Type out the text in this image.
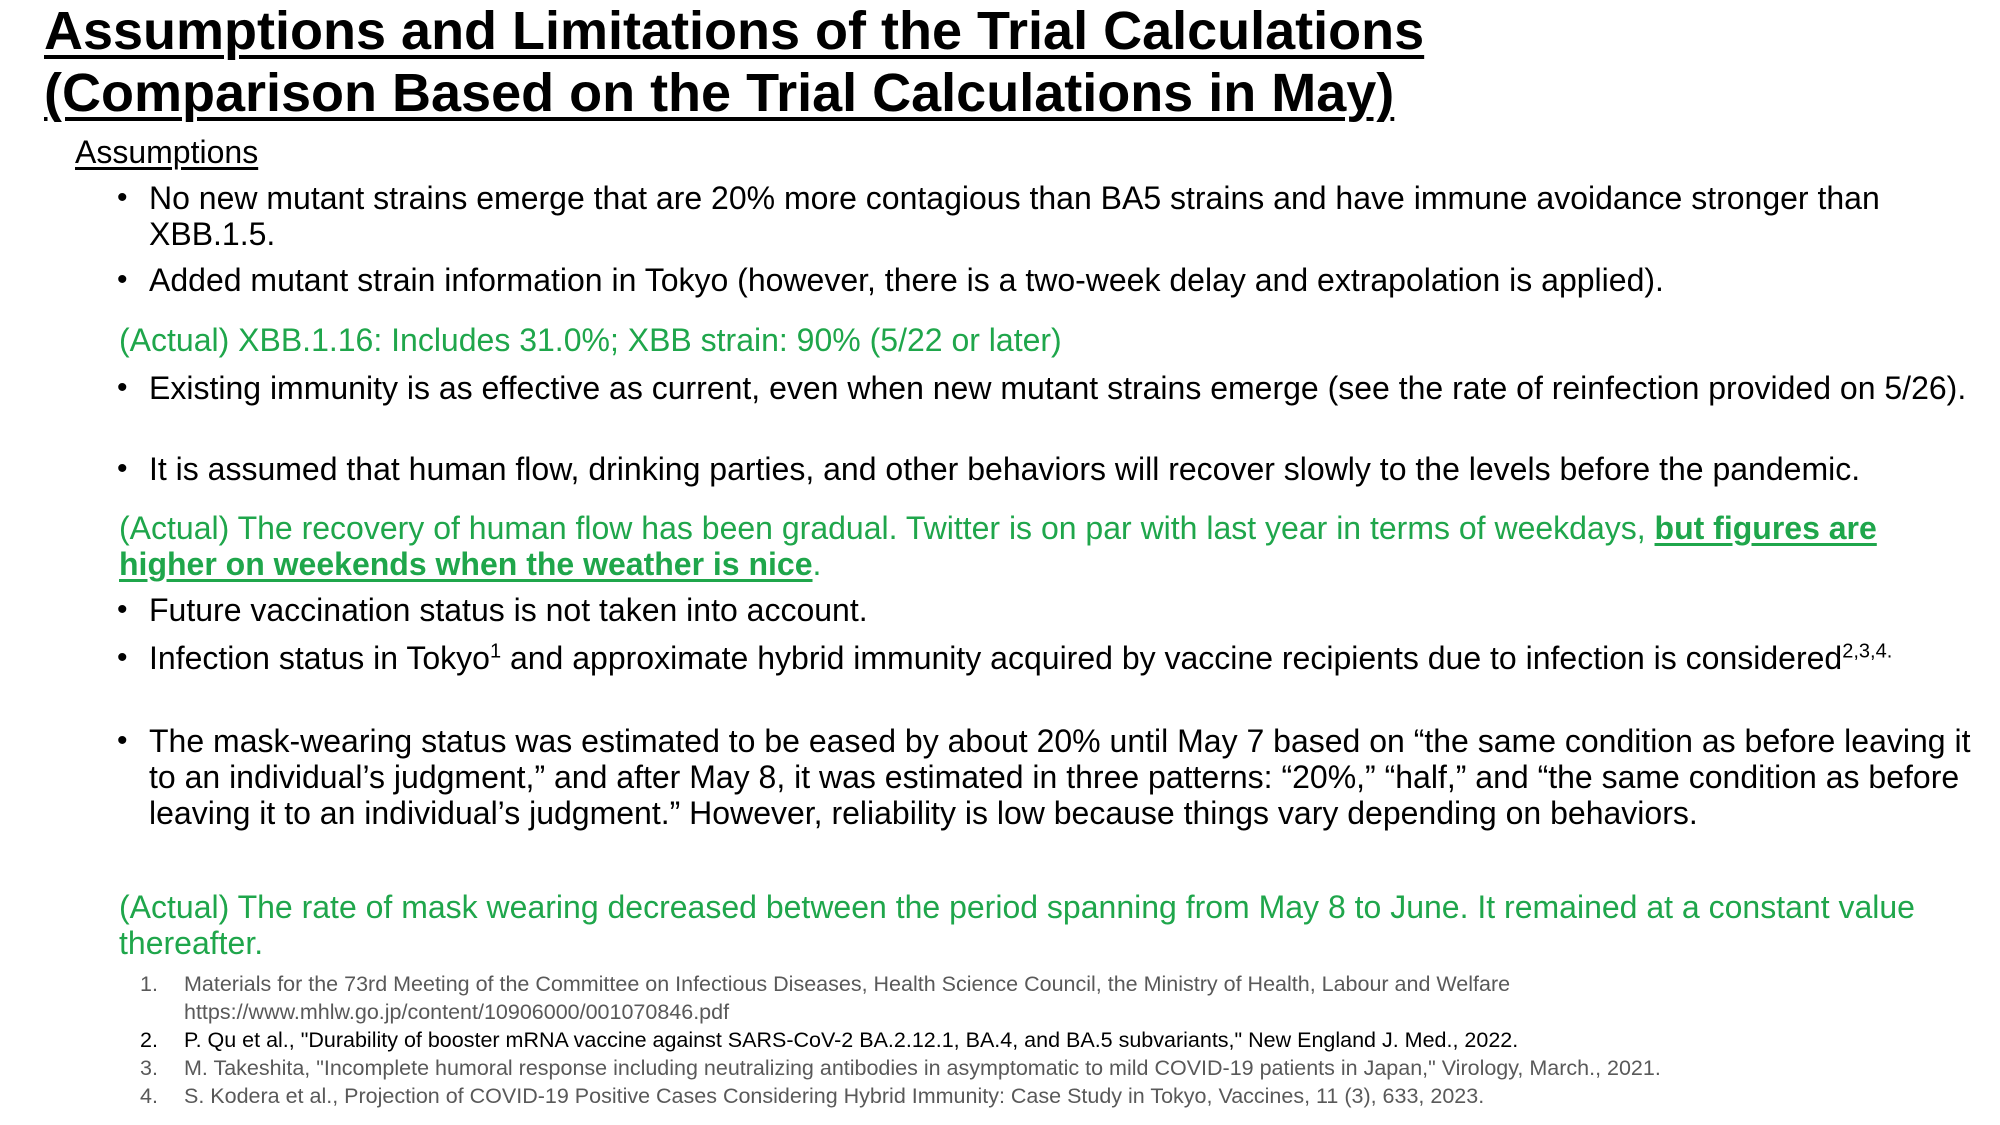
Assumptions and Limitations of the Trial Calculations
(Comparison Based on the Trial Calculations in May)
Assumptions
• No new mutant strains emerge that are 20% more contagious than BA5 strains and have immune avoidance stronger than XBB.1.5.
• Added mutant strain information in Tokyo (however, there is a two-week delay and extrapolation is applied).
(Actual) XBB.1.16: Includes 31.0%; XBB strain: 90% (5/22 or later)
• Existing immunity is as effective as current, even when new mutant strains emerge (see the rate of reinfection provided on 5/26).
• It is assumed that human flow, drinking parties, and other behaviors will recover slowly to the levels before the pandemic.
(Actual) The recovery of human flow has been gradual. Twitter is on par with last year in terms of weekdays, but figures are higher on weekends when the weather is nice.
• Future vaccination status is not taken into account.
• Infection status in Tokyo$^1$ and approximate hybrid immunity acquired by vaccine recipients due to infection is considered$^{2,3,4.}$
• The mask-wearing status was estimated to be eased by about 20% until May 7 based on “the same condition as before leaving it to an individual’s judgment,” and after May 8, it was estimated in three patterns: “20%,” “half,” and “the same condition as before leaving it to an individual’s judgment.” However, reliability is low because things vary depending on behaviors.
(Actual) The rate of mask wearing decreased between the period spanning from May 8 to June. It remained at a constant value thereafter.
1.	Materials for the 73rd Meeting of the Committee on Infectious Diseases, Health Science Council, the Ministry of Health, Labour and Welfare
https://www.mhlw.go.jp/content/10906000/001070846.pdf
2.	P. Qu et al., "Durability of booster mRNA vaccine against SARS-CoV-2 BA.2.12.1, BA.4, and BA.5 subvariants," New England J. Med., 2022.
3.	M. Takeshita, "Incomplete humoral response including neutralizing antibodies in asymptomatic to mild COVID-19 patients in Japan," Virology, March., 2021.
4.	S. Kodera et al., Projection of COVID-19 Positive Cases Considering Hybrid Immunity: Case Study in Tokyo, Vaccines, 11 (3), 633, 2023.
